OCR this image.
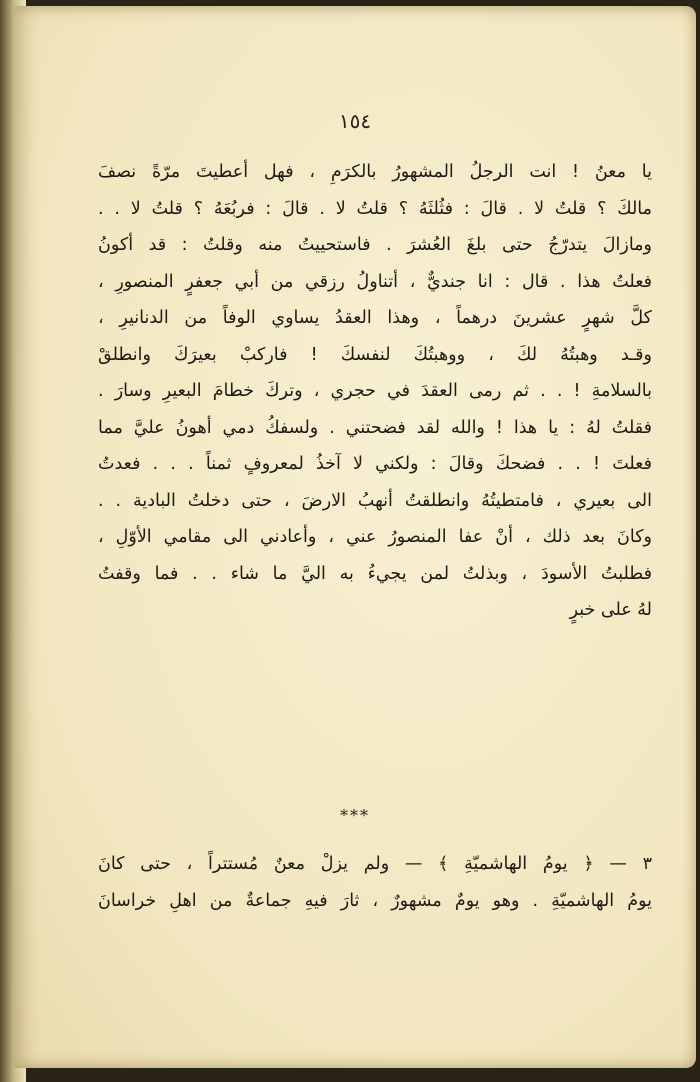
١٥٤
يا معنُ ! انت الرجلُ المشهورُ بالكرَمِ ، فهل أعطيتَ مرّةً نصفَ
مالكَ ؟ قلتُ لا . قالَ : فثُلثَهُ ؟ قلتُ لا . قالَ : فربُعَهُ ؟ قلتُ لا . .
ومازالَ يتدرّجُ حتى بلغَ العُشرَ . فاستحييتُ منه وقلتُ : قد أكونُ
فعلتُ هذا . قال : انا جنديٌّ ، أتناولُ رزقي من أبي جعفرٍ المنصورِ ،
كلَّ شهرٍ عشرينَ درهماً ، وهذا العقدُ يساوي الوفاً من الدنانيرِ ،
وقـد وهبتُهُ لكَ ، ووهبتُكَ لنفسكَ ! فاركبْ بعيرَكَ وانطلقْ
بالسلامةِ ! . . ثم رمى العقدَ في حجري ، وتركَ خطامَ البعيرِ وسارَ .
فقلتُ لهُ : يا هذا ! والله لقد فضحتني . ولسفكُ دمي أهونُ عليَّ مما
فعلتَ ! . . فضحكَ وقالَ : ولكني لا آخذُ لمعروفٍ ثمناً . . . فعدتُ
الى بعيري ، فامتطيتُهُ وانطلقتُ أنهبُ الارضَ ، حتى دخلتُ البادية . .
وكانَ بعد ذلك ، أنْ عفا المنصورُ عني ، وأعادني الى مقامي الأوّلِ ،
فطلبتُ الأسودَ ، وبذلتُ لمن يجيءُ به اليَّ ما شاء . . فما وقفتُ
لهُ على خبرٍ
***
٣ — ﴿ يومُ الهاشميّةِ ﴾ — ولم يزلْ معنٌ مُستتراً ، حتى كانَ
يومُ الهاشميّةِ . وهو يومٌ مشهورٌ ، ثارَ فيهِ جماعةٌ من اهلِ خراسانَ
